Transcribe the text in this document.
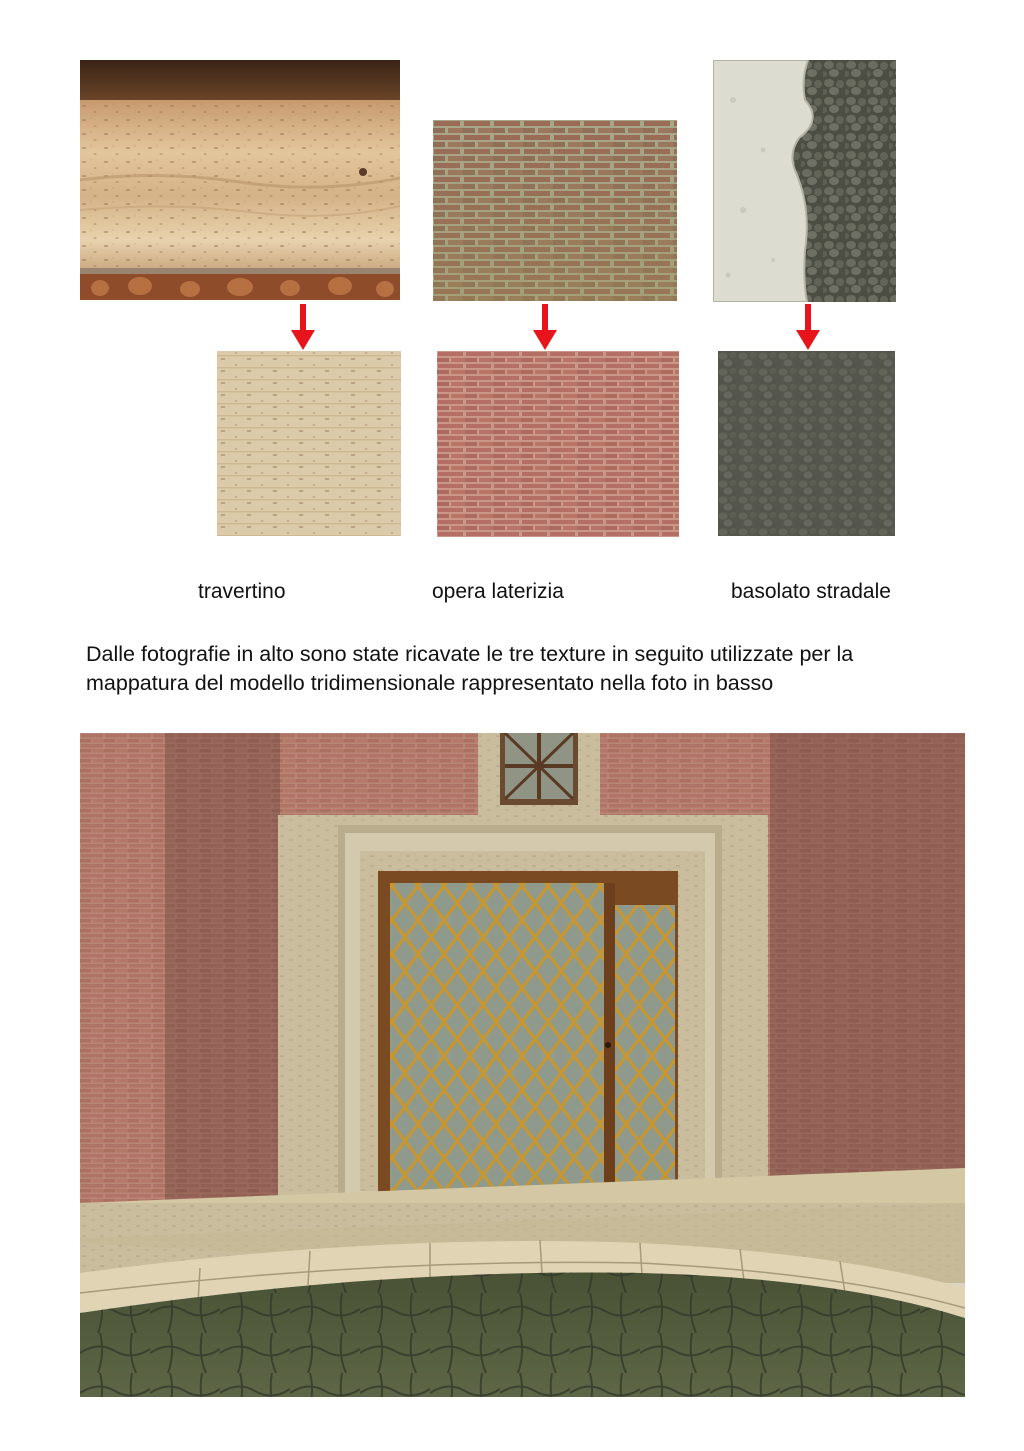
travertino	opera laterizia	basolato stradale
Dalle fotografie in alto sono state ricavate le tre texture in seguito utilizzate per la
mappatura del modello tridimensionale rappresentato nella foto in basso
